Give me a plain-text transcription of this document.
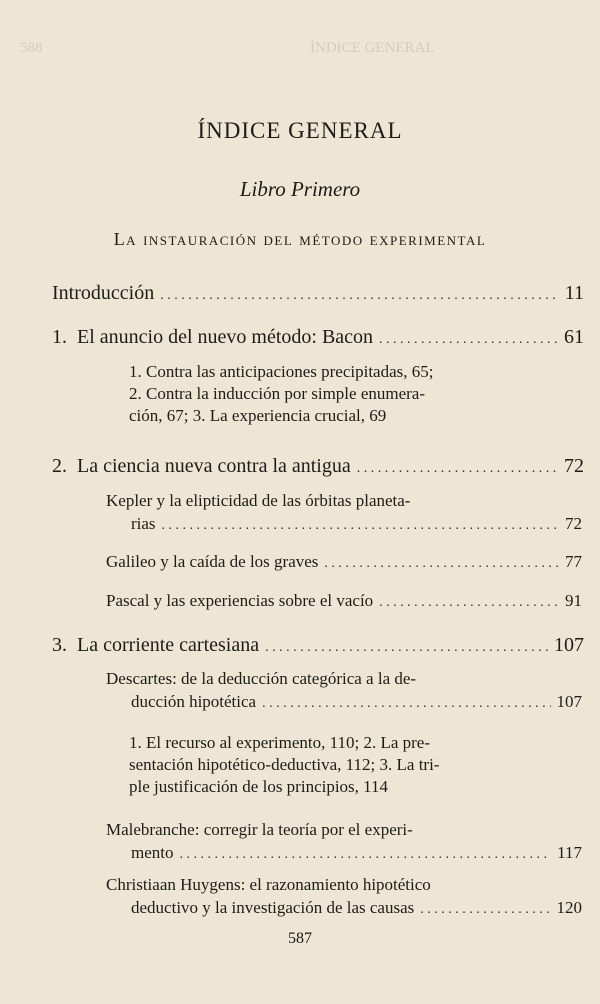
ÍNDICE GENERAL
588
ÍNDICE GENERAL
Libro Primero
La instauración del método experimental
Introducción . . .	11
1. El anuncio del nuevo método: Bacon . . .	61
1. Contra las anticipaciones precipitadas, 65;
2. Contra la inducción por simple enumera-
ción, 67; 3. La experiencia crucial, 69
2. La ciencia nueva contra la antigua . . .	72
Kepler y la elipticidad de las órbitas planeta-
rias . . .	72
Galileo y la caída de los graves . . .	77
Pascal y las experiencias sobre el vacío . . .	91
3. La corriente cartesiana . . .	107
Descartes: de la deducción categórica a la de-
ducción hipotética . . .	107
1. El recurso al experimento, 110; 2. La pre-
sentación hipotético-deductiva, 112; 3. La tri-
ple justificación de los principios, 114
Malebranche: corregir la teoría por el experi-
mento . . .	117
Christiaan Huygens: el razonamiento hipotético
deductivo y la investigación de las causas . . .	120
587
